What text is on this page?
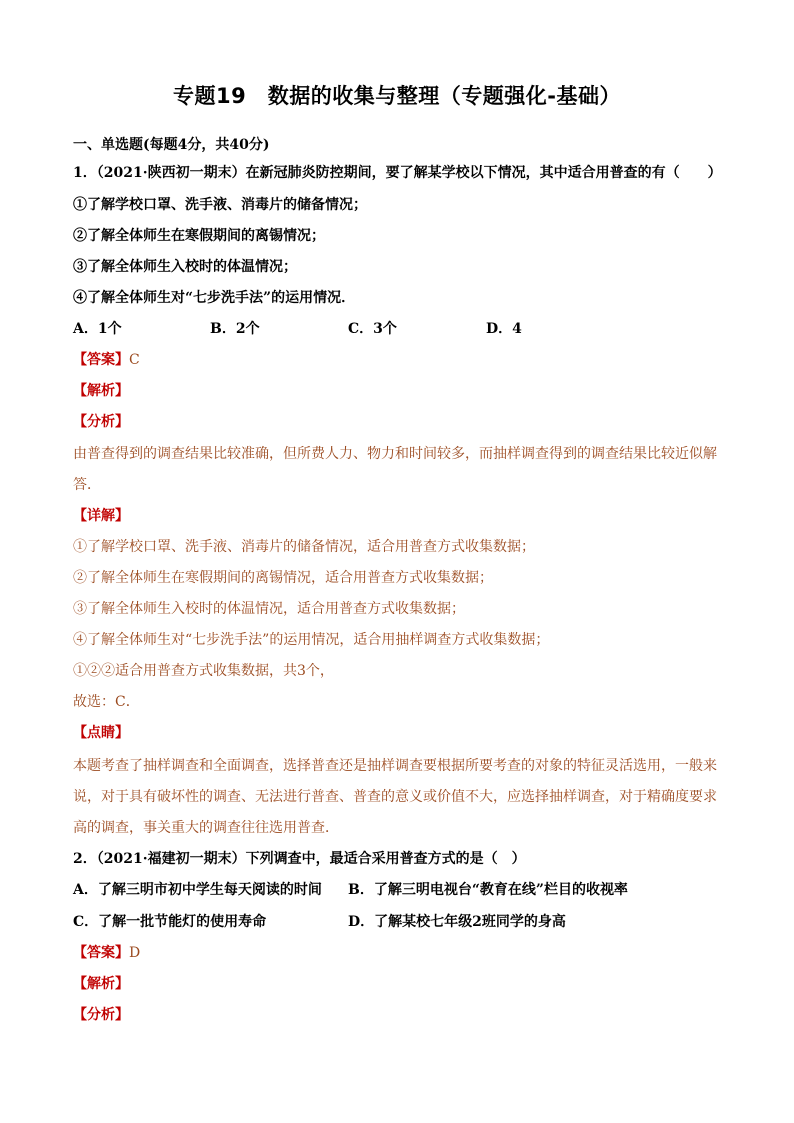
专题19　数据的收集与整理（专题强化-基础）
一、单选题(每题4分，共40分)
1．（2021·陕西初一期末）在新冠肺炎防控期间，要了解某学校以下情况，其中适合用普查的有（　　）
①了解学校口罩、洗手液、消毒片的储备情况；
②了解全体师生在寒假期间的离锡情况；
③了解全体师生入校时的体温情况；
④了解全体师生对“七步洗手法”的运用情况．
A．1个	B．2个	C．3个	D．4
【答案】C
【解析】
【分析】
由普查得到的调查结果比较准确，但所费人力、物力和时间较多，而抽样调查得到的调查结果比较近似解
答．
【详解】
①了解学校口罩、洗手液、消毒片的储备情况，适合用普查方式收集数据；
②了解全体师生在寒假期间的离锡情况，适合用普查方式收集数据；
③了解全体师生入校时的体温情况，适合用普查方式收集数据；
④了解全体师生对“七步洗手法”的运用情况，适合用抽样调查方式收集数据；
①②②适合用普查方式收集数据，共3个，
故选：C．
【点睛】
本题考查了抽样调查和全面调查，选择普查还是抽样调查要根据所要考查的对象的特征灵活选用，一般来
说，对于具有破坏性的调查、无法进行普查、普查的意义或价值不大，应选择抽样调查，对于精确度要求
高的调查，事关重大的调查往往选用普查．
2．（2021·福建初一期末）下列调查中，最适合采用普查方式的是（　）
A．了解三明市初中学生每天阅读的时间 B．了解三明电视台“教育在线”栏目的收视率
C．了解一批节能灯的使用寿命	D．了解某校七年级2班同学的身高
【答案】D
【解析】
【分析】
